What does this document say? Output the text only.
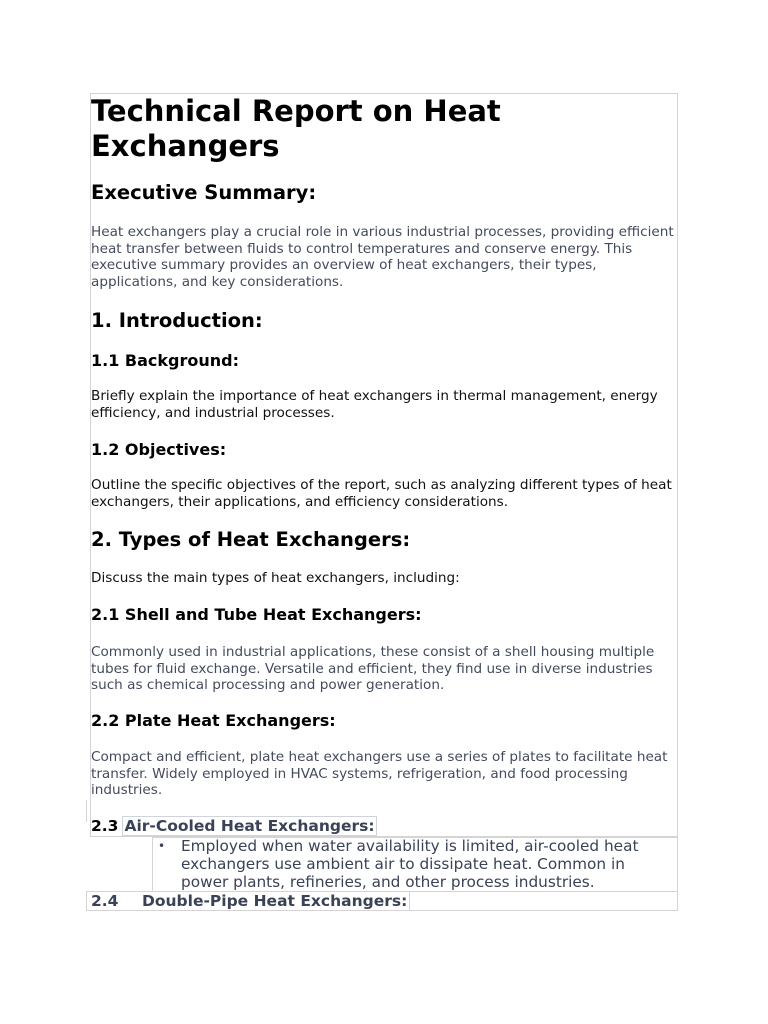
Technical Report on Heat Exchangers
Executive Summary:

Heat exchangers play a crucial role in various industrial processes, providing efficient heat transfer between fluids to control temperatures and conserve energy. This executive summary provides an overview of heat exchangers, their types, applications, and key considerations.

1. Introduction:
1.1 Background:

Briefly explain the importance of heat exchangers in thermal management, energy efficiency, and industrial processes.

1.2 Objectives:

Outline the specific objectives of the report, such as analyzing different types of heat exchangers, their applications, and efficiency considerations.

2. Types of Heat Exchangers:

Discuss the main types of heat exchangers, including:

2.1 Shell and Tube Heat Exchangers:

Commonly used in industrial applications, these consist of a shell housing multiple tubes for fluid exchange. Versatile and efficient, they find use in diverse industries such as chemical processing and power generation.

2.2 Plate Heat Exchangers:

Compact and efficient, plate heat exchangers use a series of plates to facilitate heat transfer. Widely employed in HVAC systems, refrigeration, and food processing industries.

2.3 Air-Cooled Heat Exchangers:
• Employed when water availability is limited, air-cooled heat exchangers use ambient air to dissipate heat. Common in power plants, refineries, and other process industries.
2.4 Double-Pipe Heat Exchangers:
